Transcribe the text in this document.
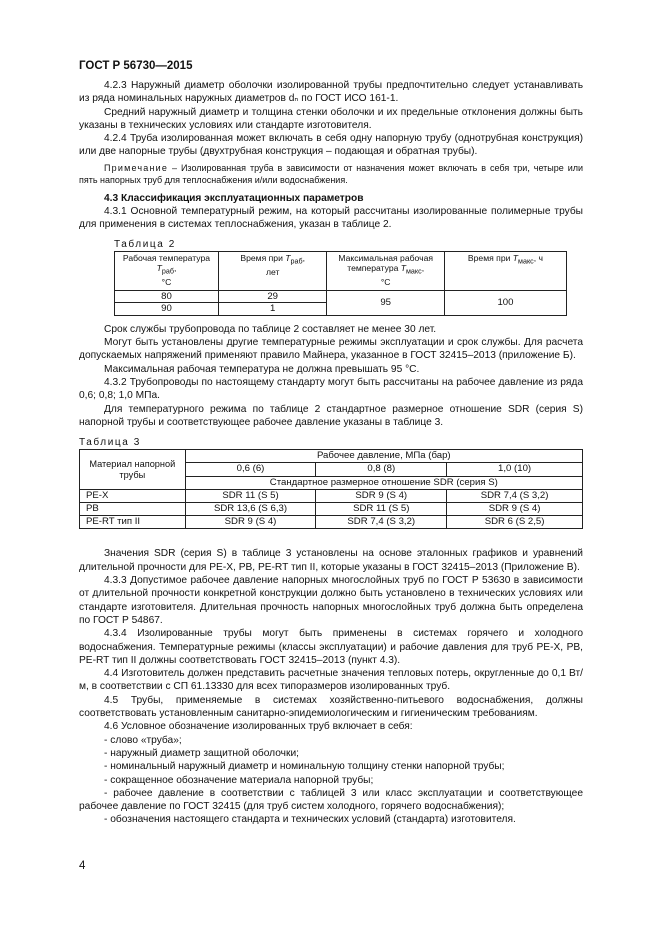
ГОСТ Р 56730—2015

4.2.3 Наружный диаметр оболочки изолированной трубы предпочтительно следует устанавливать из ряда номинальных наружных диаметров dₙ по ГОСТ ИСО 161-1.

Средний наружный диаметр и толщина стенки оболочки и их предельные отклонения должны быть указаны в технических условиях или стандарте изготовителя.

4.2.4 Труба изолированная может включать в себя одну напорную трубу (однотрубная конструкция) или две напорные трубы (двухтрубная конструкция – подающая и обратная трубы).

Примечание – Изолированная труба в зависимости от назначения может включать в себя три, четыре или пять напорных труб для теплоснабжения и/или водоснабжения.

4.3 Классификация эксплуатационных параметров

4.3.1 Основной температурный режим, на который рассчитаны изолированные полимерные трубы для применения в системах теплоснабжения, указан в таблице 2.

Таблица 2
Рабочая температура
$T_{раб}$,
°С	Время при $T_{раб}$,
лет	Максимальная рабочая
температура $T_{макс}$,
°С	Время при $T_{макс}$, ч
80	29	95	100
90	1		

Срок службы трубопровода по таблице 2 составляет не менее 30 лет.

Могут быть установлены другие температурные режимы эксплуатации и срок службы. Для расчета допускаемых напряжений применяют правило Майнера, указанное в ГОСТ 32415–2013 (приложение Б).

Максимальная рабочая температура не должна превышать 95 °С.

4.3.2 Трубопроводы по настоящему стандарту могут быть рассчитаны на рабочее давление из ряда 0,6; 0,8; 1,0 МПа.

Для температурного режима по таблице 2 стандартное размерное отношение SDR (серия S) напорной трубы и соответствующее рабочее давление указаны в таблице 3.

Таблица 3
Материал напорной
трубы	Рабочее давление, МПа (бар)		
	0,6 (6)	0,8 (8)	1,0 (10)
	Стандартное размерное отношение SDR (серия S)		
PE-X	SDR 11 (S 5)	SDR 9 (S 4)	SDR 7,4 (S 3,2)
PB	SDR 13,6 (S 6,3)	SDR 11 (S 5)	SDR 9 (S 4)
PE-RT тип II	SDR 9 (S 4)	SDR 7,4 (S 3,2)	SDR 6 (S 2,5)

Значения SDR (серия S) в таблице 3 установлены на основе эталонных графиков и уравнений длительной прочности для PE-X, PB, PE-RT тип II, которые указаны в ГОСТ 32415–2013 (Приложение В).

4.3.3 Допустимое рабочее давление напорных многослойных труб по ГОСТ Р 53630 в зависимости от длительной прочности конкретной конструкции должно быть установлено в технических условиях или стандарте изготовителя. Длительная прочность напорных многослойных труб должна быть определена по ГОСТ Р 54867.

4.3.4 Изолированные трубы могут быть применены в системах горячего и холодного водоснабжения. Температурные режимы (классы эксплуатации) и рабочие давления для труб PE-X, PB, PE-RT тип II должны соответствовать ГОСТ 32415–2013 (пункт 4.3).

4.4 Изготовитель должен представить расчетные значения тепловых потерь, округленные до 0,1 Вт/м, в соответствии с СП 61.13330 для всех типоразмеров изолированных труб.

4.5 Трубы, применяемые в системах хозяйственно-питьевого водоснабжения, должны соответствовать установленным санитарно-эпидемиологическим и гигиеническим требованиям.

4.6 Условное обозначение изолированных труб включает в себя:

- слово «труба»;
- наружный диаметр защитной оболочки;
- номинальный наружный диаметр и номинальную толщину стенки напорной трубы;
- сокращенное обозначение материала напорной трубы;
- рабочее давление в соответствии с таблицей 3 или класс эксплуатации и соответствующее рабочее давление по ГОСТ 32415 (для труб систем холодного, горячего водоснабжения);
- обозначения настоящего стандарта и технических условий (стандарта) изготовителя.
4
